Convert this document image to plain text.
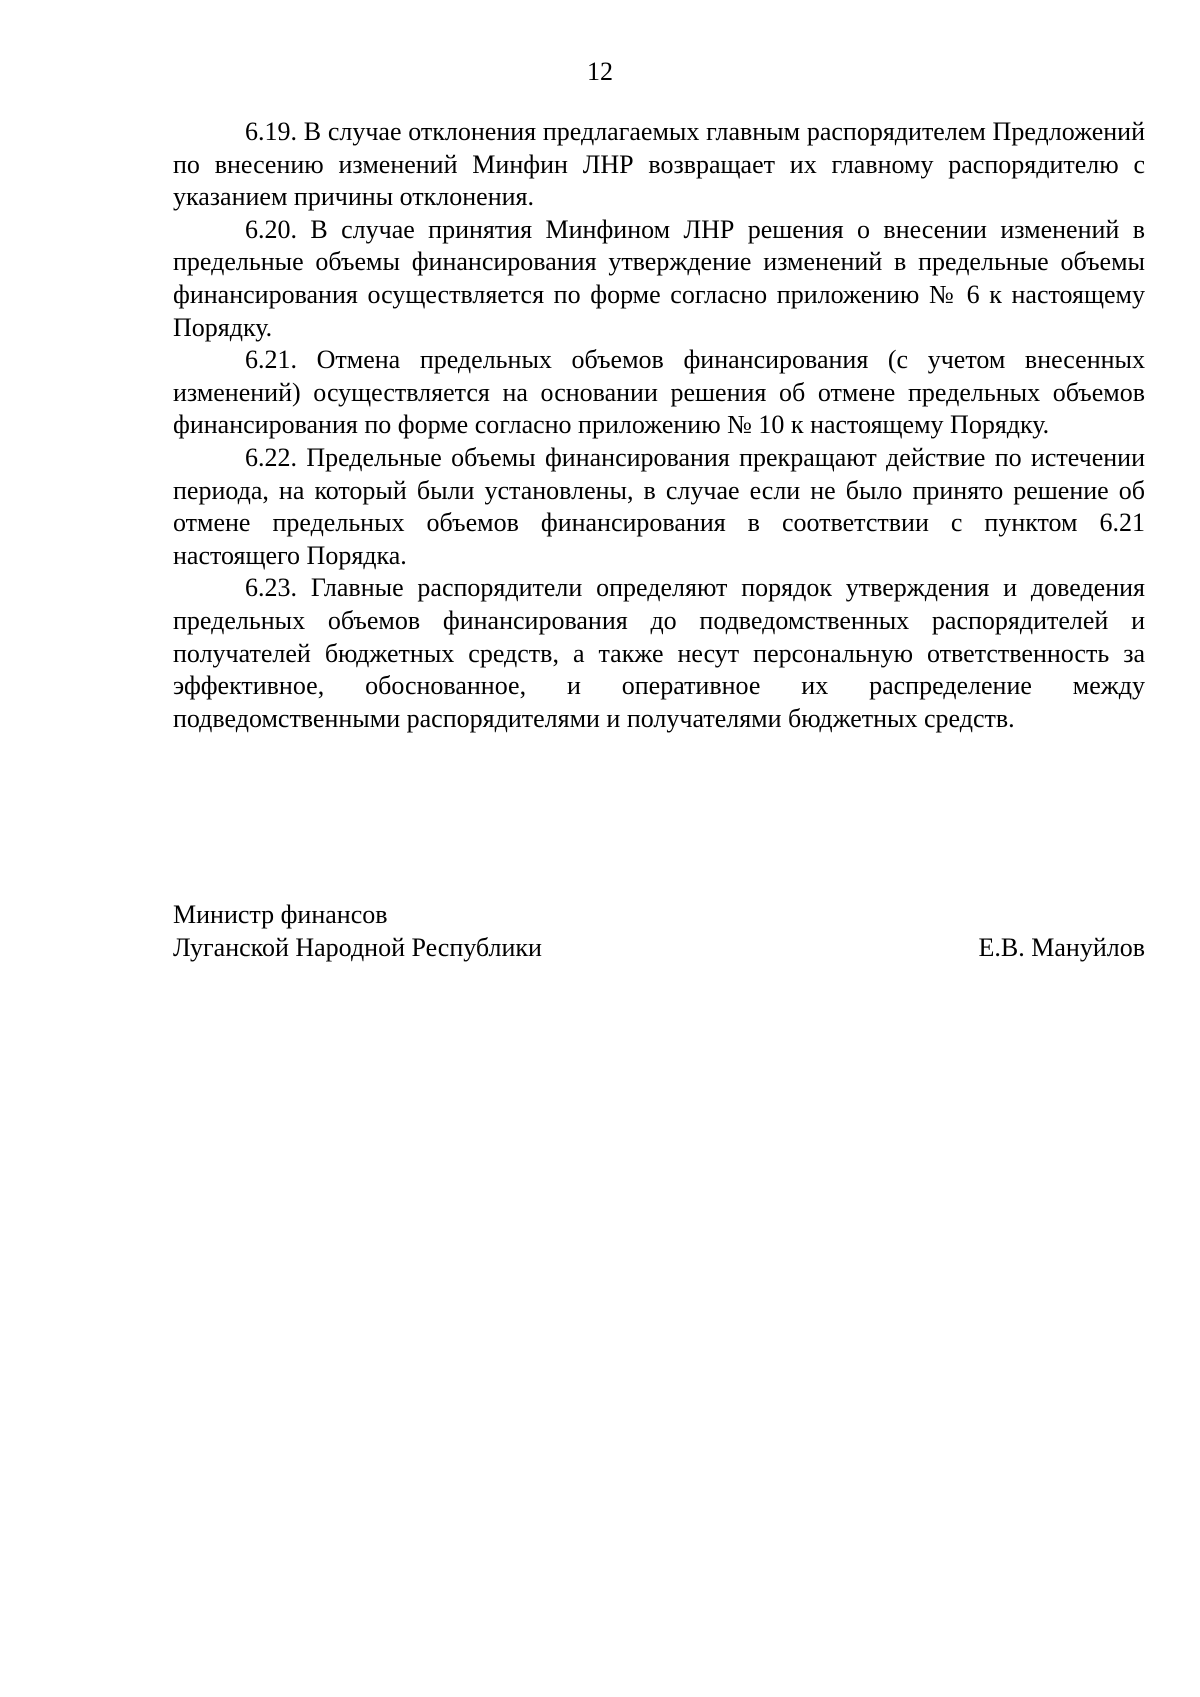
12

6.19. В случае отклонения предлагаемых главным распорядителем Предложений по внесению изменений Минфин ЛНР возвращает их главному распорядителю с указанием причины отклонения.

6.20. В случае принятия Минфином ЛНР решения о внесении изменений в предельные объемы финансирования утверждение изменений в предельные объемы финансирования осуществляется по форме согласно приложению № 6 к настоящему Порядку.

6.21. Отмена предельных объемов финансирования (с учетом внесенных изменений) осуществляется на основании решения об отмене предельных объемов финансирования по форме согласно приложению № 10 к настоящему Порядку.

6.22. Предельные объемы финансирования прекращают действие по истечении периода, на который были установлены, в случае если не было принято решение об отмене предельных объемов финансирования в соответствии с пунктом 6.21 настоящего Порядка.

6.23. Главные распорядители определяют порядок утверждения и доведения предельных объемов финансирования до подведомственных распорядителей и получателей бюджетных средств, а также несут персональную ответственность за эффективное, обоснованное, и оперативное их распределение между подведомственными распорядителями и получателями бюджетных средств.

Министр финансов
Луганской Народной Республики	Е.В. Мануйлов
